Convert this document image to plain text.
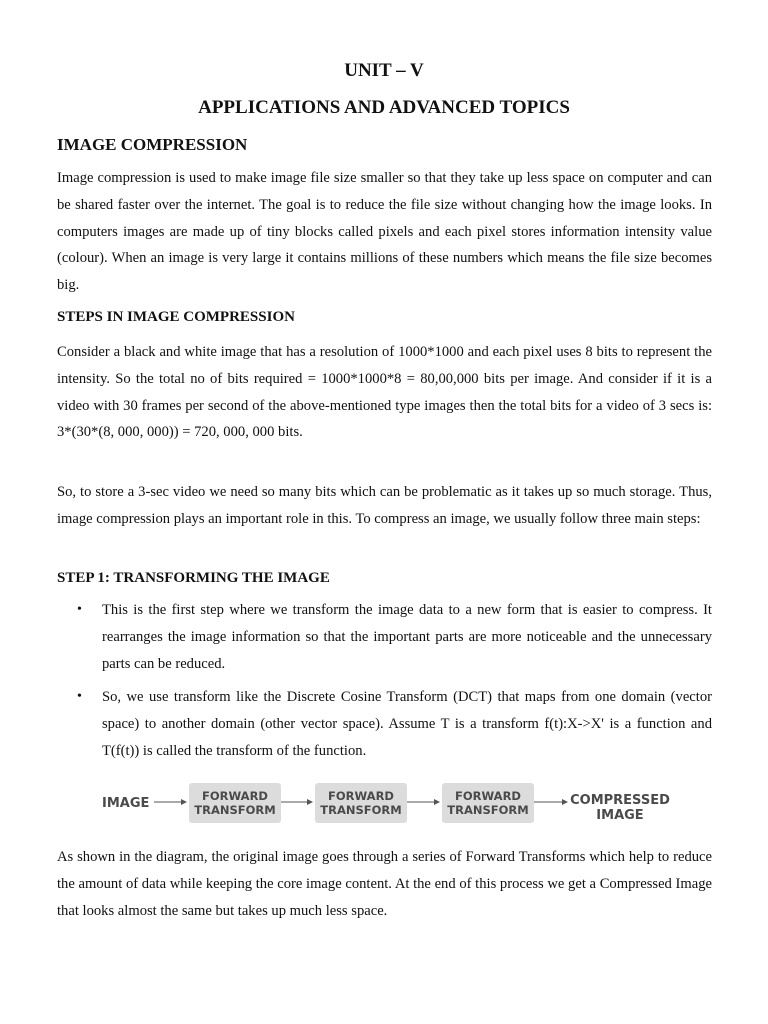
UNIT – V
APPLICATIONS AND ADVANCED TOPICS
IMAGE COMPRESSION

Image compression is used to make image file size smaller so that they take up less space on computer and can be shared faster over the internet. The goal is to reduce the file size without changing how the image looks. In computers images are made up of tiny blocks called pixels and each pixel stores information intensity value (colour). When an image is very large it contains millions of these numbers which means the file size becomes big.

STEPS IN IMAGE COMPRESSION

Consider a black and white image that has a resolution of 1000*1000 and each pixel uses 8 bits to represent the intensity. So the total no of bits required = 1000*1000*8 = 80,00,000 bits per image. And consider if it is a video with 30 frames per second of the above-mentioned type images then the total bits for a video of 3 secs is: 3*(30*(8, 000, 000)) = 720, 000, 000 bits.

So, to store a 3-sec video we need so many bits which can be problematic as it takes up so much storage. Thus, image compression plays an important role in this. To compress an image, we usually follow three main steps:

STEP 1: TRANSFORMING THE IMAGE
• This is the first step where we transform the image data to a new form that is easier to compress. It rearranges the image information so that the important parts are more noticeable and the unnecessary parts can be reduced.
• So, we use transform like the Discrete Cosine Transform (DCT) that maps from one domain (vector space) to another domain (other vector space). Assume T is a transform f(t):X->X' is a function and T(f(t)) is called the transform of the function.
IMAGE	FORWARD
TRANSFORM
FORWARD
TRANSFORM
FORWARD
TRANSFORM
COMPRESSED
IMAGE

As shown in the diagram, the original image goes through a series of Forward Transforms which help to reduce the amount of data while keeping the core image content. At the end of this process we get a Compressed Image that looks almost the same but takes up much less space.
